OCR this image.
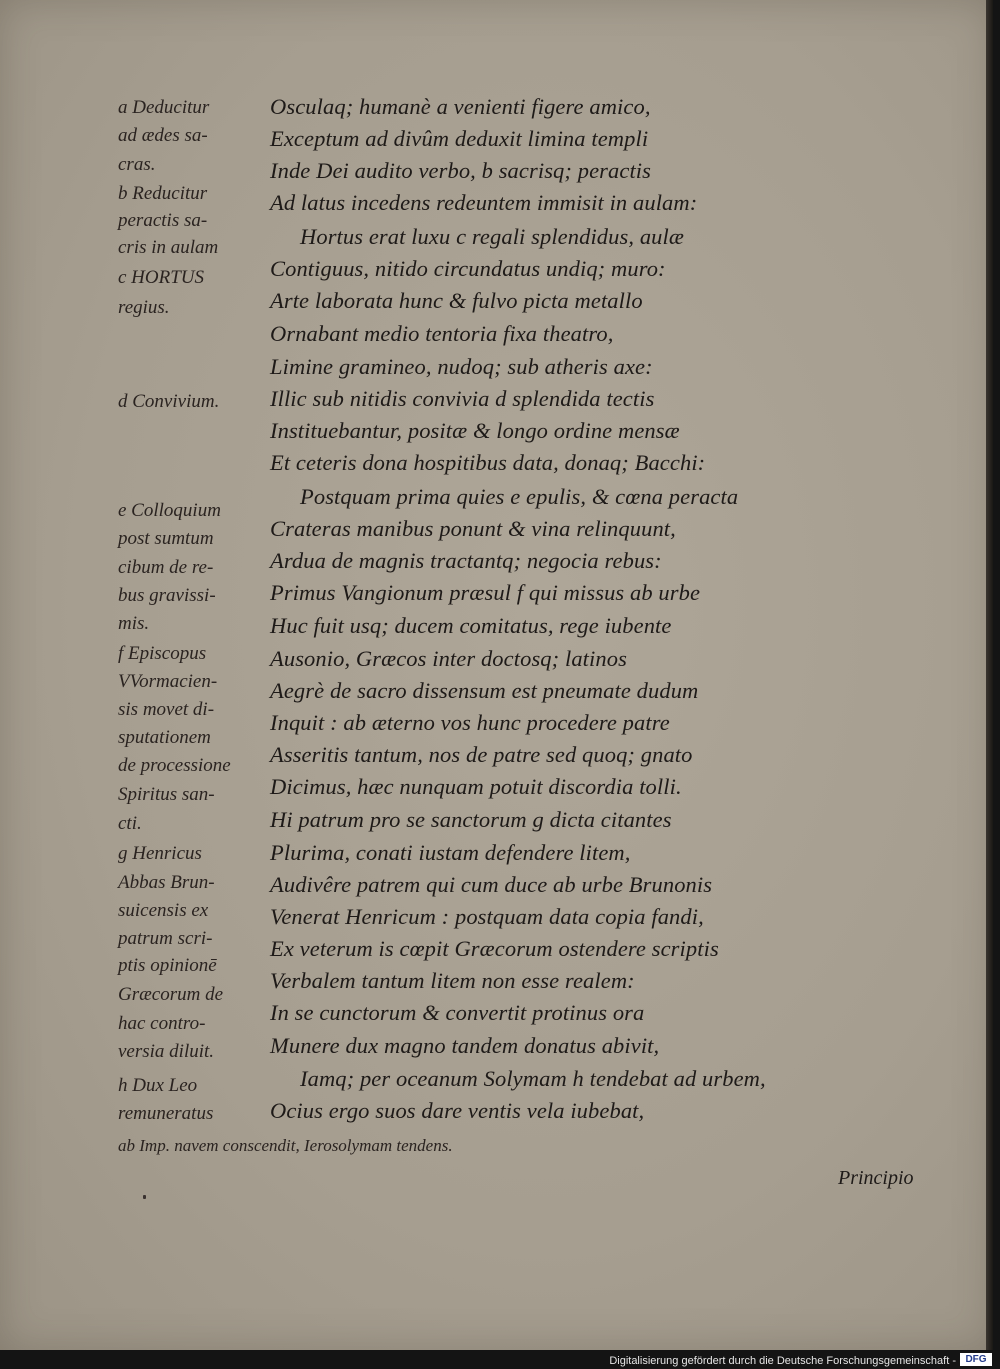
a Deducitur
ad ædes sa-
cras.
b Reducitur
peractis sa-
cris in aulam
c HORTUS
regius.
d Convivium.
e Colloquium
post sumtum
cibum de re-
bus gravissi-
mis.
f Episcopus
VVormacien-
sis movet di-
sputationem
de processione
Spiritus san-
cti.
g Henricus
Abbas Brun-
suicensis ex
patrum scri-
ptis opinionē
Græcorum de
hac contro-
versia diluit.
h Dux Leo
remuneratus
ab Imp. navem conscendit, Ierosolymam tendens.
Osculaq; humanè a venienti figere amico,
Exceptum ad divûm deduxit limina templi
Inde Dei audito verbo, b sacrisq; peractis
Ad latus incedens redeuntem immisit in aulam:
Hortus erat luxu c regali splendidus, aulæ
Contiguus, nitido circundatus undiq; muro:
Arte laborata hunc & fulvo picta metallo
Ornabant medio tentoria fixa theatro,
Limine gramineo, nudoq; sub atheris axe:
Illic sub nitidis convivia d splendida tectis
Instituebantur, positæ & longo ordine mensæ
Et ceteris dona hospitibus data, donaq; Bacchi:
Postquam prima quies e epulis, & cœna peracta
Crateras manibus ponunt & vina relinquunt,
Ardua de magnis tractantq; negocia rebus:
Primus Vangionum præsul f qui missus ab urbe
Huc fuit usq; ducem comitatus, rege iubente
Ausonio, Græcos inter doctosq; latinos
Aegrè de sacro dissensum est pneumate dudum
Inquit : ab æterno vos hunc procedere patre
Asseritis tantum, nos de patre sed quoq; gnato
Dicimus, hæc nunquam potuit discordia tolli.
Hi patrum pro se sanctorum g dicta citantes
Plurima, conati iustam defendere litem,
Audivêre patrem qui cum duce ab urbe Brunonis
Venerat Henricum : postquam data copia fandi,
Ex veterum is cœpit Græcorum ostendere scriptis
Verbalem tantum litem non esse realem:
In se cunctorum & convertit protinus ora
Munere dux magno tandem donatus abivit,
Iamq; per oceanum Solymam h tendebat ad urbem,
Ocius ergo suos dare ventis vela iubebat,
Principio
Digitalisierung gefördert durch die Deutsche Forschungsgemeinschaft - DFG
